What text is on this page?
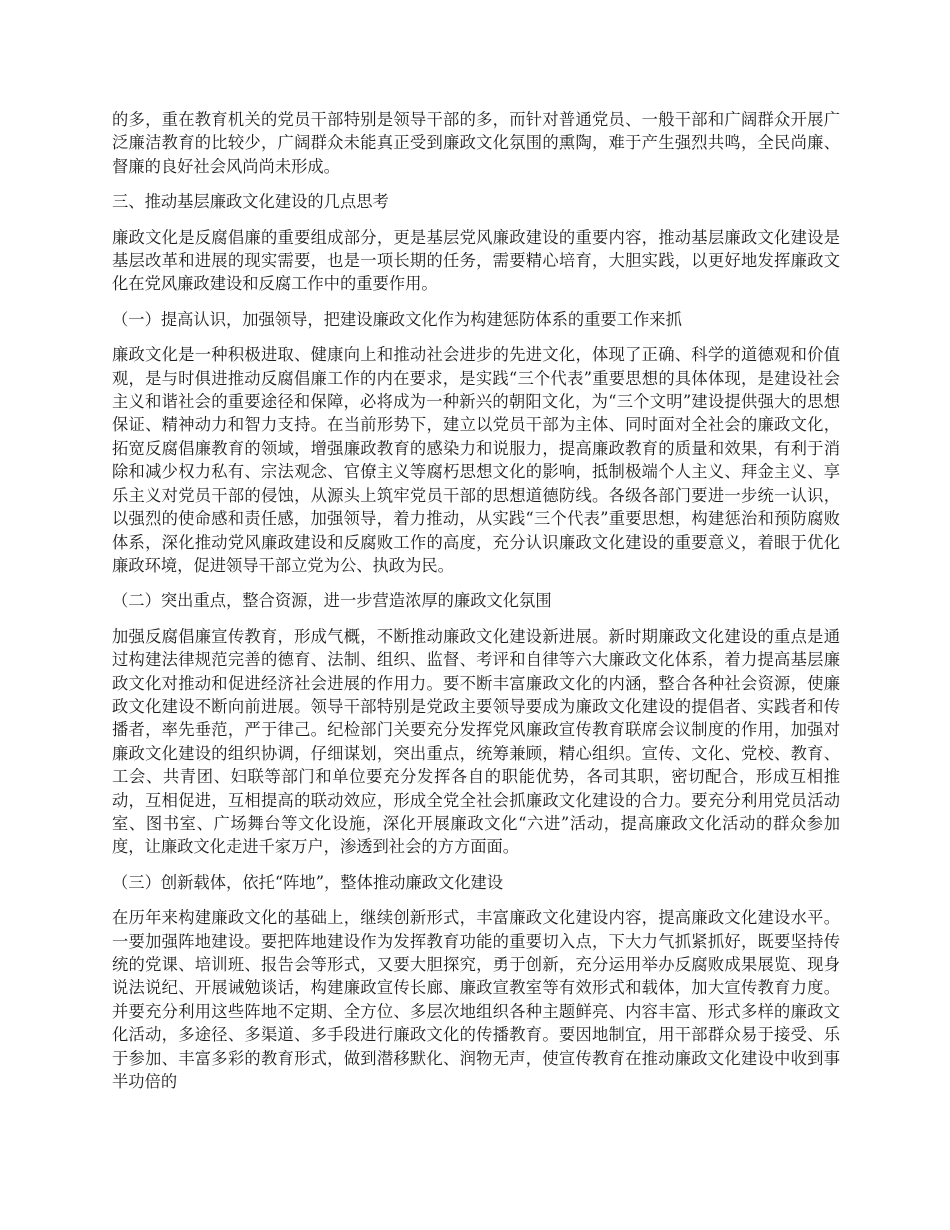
的多，重在教育机关的党员干部特别是领导干部的多，而针对普通党员、一般干部和广阔群众开展广泛廉洁教育的比较少，广阔群众未能真正受到廉政文化氛围的熏陶，难于产生强烈共鸣，全民尚廉、督廉的良好社会风尚尚未形成。

三、推动基层廉政文化建设的几点思考

廉政文化是反腐倡廉的重要组成部分，更是基层党风廉政建设的重要内容，推动基层廉政文化建设是基层改革和进展的现实需要，也是一项长期的任务，需要精心培育，大胆实践，以更好地发挥廉政文化在党风廉政建设和反腐工作中的重要作用。

（一）提高认识，加强领导，把建设廉政文化作为构建惩防体系的重要工作来抓

廉政文化是一种积极进取、健康向上和推动社会进步的先进文化，体现了正确、科学的道德观和价值观，是与时俱进推动反腐倡廉工作的内在要求，是实践“三个代表”重要思想的具体体现，是建设社会主义和谐社会的重要途径和保障，必将成为一种新兴的朝阳文化，为“三个文明”建设提供强大的思想保证、精神动力和智力支持。在当前形势下，建立以党员干部为主体、同时面对全社会的廉政文化，拓宽反腐倡廉教育的领域，增强廉政教育的感染力和说服力，提高廉政教育的质量和效果，有利于消除和减少权力私有、宗法观念、官僚主义等腐朽思想文化的影响，抵制极端个人主义、拜金主义、享乐主义对党员干部的侵蚀，从源头上筑牢党员干部的思想道德防线。各级各部门要进一步统一认识，以强烈的使命感和责任感，加强领导，着力推动，从实践“三个代表”重要思想，构建惩治和预防腐败体系，深化推动党风廉政建设和反腐败工作的高度，充分认识廉政文化建设的重要意义，着眼于优化廉政环境，促进领导干部立党为公、执政为民。

（二）突出重点，整合资源，进一步营造浓厚的廉政文化氛围

加强反腐倡廉宣传教育，形成气概，不断推动廉政文化建设新进展。新时期廉政文化建设的重点是通过构建法律规范完善的德育、法制、组织、监督、考评和自律等六大廉政文化体系，着力提高基层廉政文化对推动和促进经济社会进展的作用力。要不断丰富廉政文化的内涵，整合各种社会资源，使廉政文化建设不断向前进展。领导干部特别是党政主要领导要成为廉政文化建设的提倡者、实践者和传播者，率先垂范，严于律己。纪检部门关要充分发挥党风廉政宣传教育联席会议制度的作用，加强对廉政文化建设的组织协调，仔细谋划，突出重点，统筹兼顾，精心组织。宣传、文化、党校、教育、工会、共青团、妇联等部门和单位要充分发挥各自的职能优势，各司其职，密切配合，形成互相推动，互相促进，互相提高的联动效应，形成全党全社会抓廉政文化建设的合力。要充分利用党员活动室、图书室、广场舞台等文化设施，深化开展廉政文化“六进”活动，提高廉政文化活动的群众参加度，让廉政文化走进千家万户，渗透到社会的方方面面。

（三）创新载体，依托“阵地”，整体推动廉政文化建设

在历年来构建廉政文化的基础上，继续创新形式，丰富廉政文化建设内容，提高廉政文化建设水平。一要加强阵地建设。要把阵地建设作为发挥教育功能的重要切入点，下大力气抓紧抓好，既要坚持传统的党课、培训班、报告会等形式，又要大胆探究，勇于创新，充分运用举办反腐败成果展览、现身说法说纪、开展诫勉谈话，构建廉政宣传长廊、廉政宣教室等有效形式和载体，加大宣传教育力度。并要充分利用这些阵地不定期、全方位、多层次地组织各种主题鲜亮、内容丰富、形式多样的廉政文化活动，多途径、多渠道、多手段进行廉政文化的传播教育。要因地制宜，用干部群众易于接受、乐于参加、丰富多彩的教育形式，做到潜移默化、润物无声，使宣传教育在推动廉政文化建设中收到事半功倍的
